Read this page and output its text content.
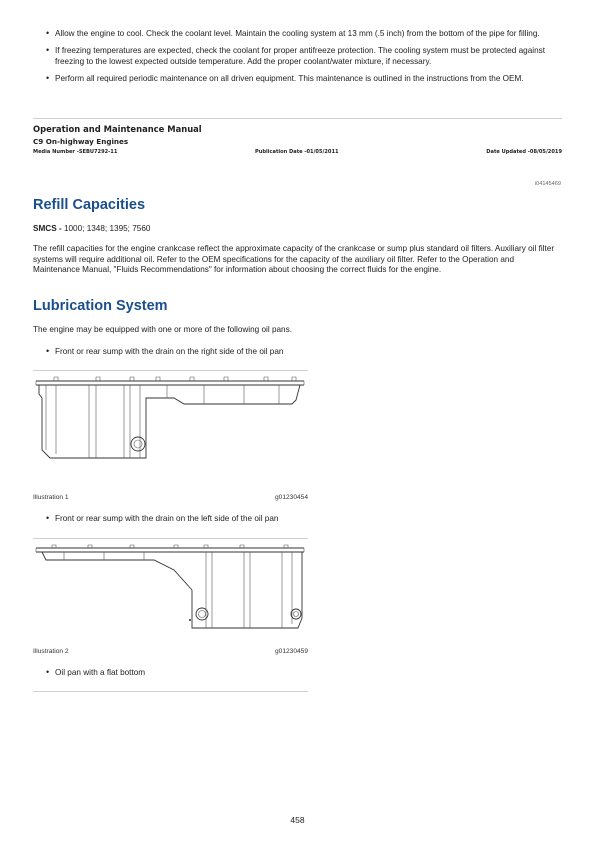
• Allow the engine to cool. Check the coolant level. Maintain the cooling system at 13 mm (.5 inch) from the bottom of the pipe for filling.
• If freezing temperatures are expected, check the coolant for proper antifreeze protection. The cooling system must be protected against freezing to the lowest expected outside temperature. Add the proper coolant/water mixture, if necessary.
• Perform all required periodic maintenance on all driven equipment. This maintenance is outlined in the instructions from the OEM.
Operation and Maintenance Manual
C9 On-highway Engines
Media Number -SEBU7292-11	Publication Date -01/05/2011	Date Updated -08/05/2019
i04145469
Refill Capacities
SMCS - 1000; 1348; 1395; 7560
The refill capacities for the engine crankcase reflect the approximate capacity of the crankcase or sump plus standard oil filters. Auxiliary oil filter systems will require additional oil. Refer to the OEM specifications for the capacity of the auxiliary oil filter. Refer to the Operation and Maintenance Manual, "Fluids Recommendations" for information about choosing the correct fluids for the engine.
Lubrication System
The engine may be equipped with one or more of the following oil pans.
• Front or rear sump with the drain on the right side of the oil pan
Illustration 1	g01230454
• Front or rear sump with the drain on the left side of the oil pan
Illustration 2	g01230459
• Oil pan with a flat bottom
458
